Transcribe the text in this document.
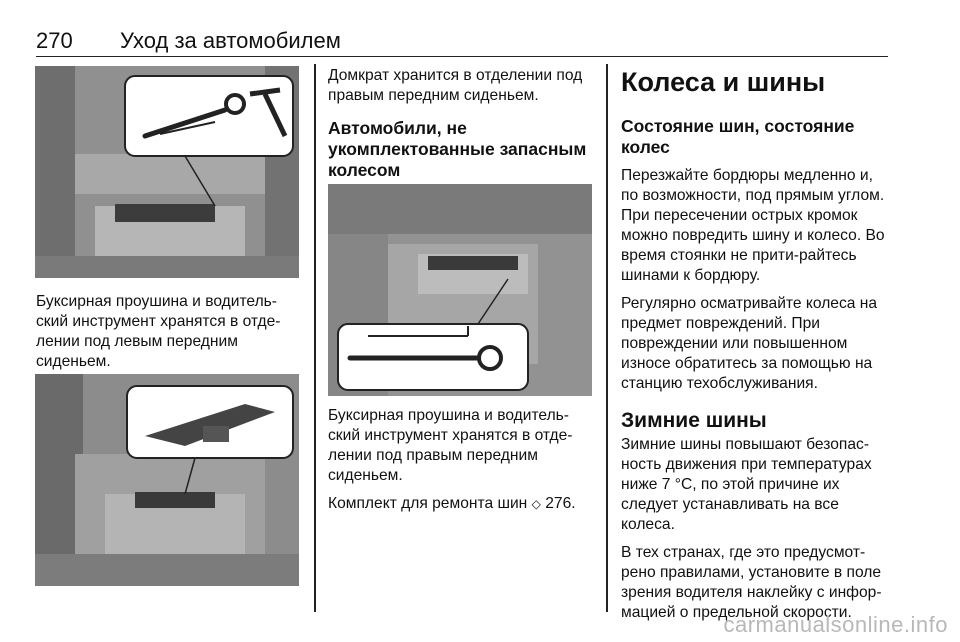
270 Уход за автомобилем

Буксирная проушина и водитель-ский инструмент хранятся в отде-лении под левым передним сиденьем.

Домкрат хранится в отделении под правым передним сиденьем.

Автомобили, не укомплектованные запасным колесом

Буксирная проушина и водитель-ский инструмент хранятся в отде-лении под правым передним сиденьем.

Комплект для ремонта шин ◇ 276.

Колеса и шины
Состояние шин, состояние колес

Перезжайте бордюры медленно и, по возможности, под прямым углом. При пересечении острых кромок можно повредить шину и колесо. Во время стоянки не прити-райтесь шинами к бордюру.

Регулярно осматривайте колеса на предмет повреждений. При повреждении или повышенном износе обратитесь за помощью на станцию техобслуживания.

Зимние шины

Зимние шины повышают безопас-ность движения при температурах ниже 7 °С, по этой причине их следует устанавливать на все колеса.

В тех странах, где это предусмот-рено правилами, установите в поле зрения водителя наклейку с инфор-мацией о предельной скорости.

carmanualsonline.info
